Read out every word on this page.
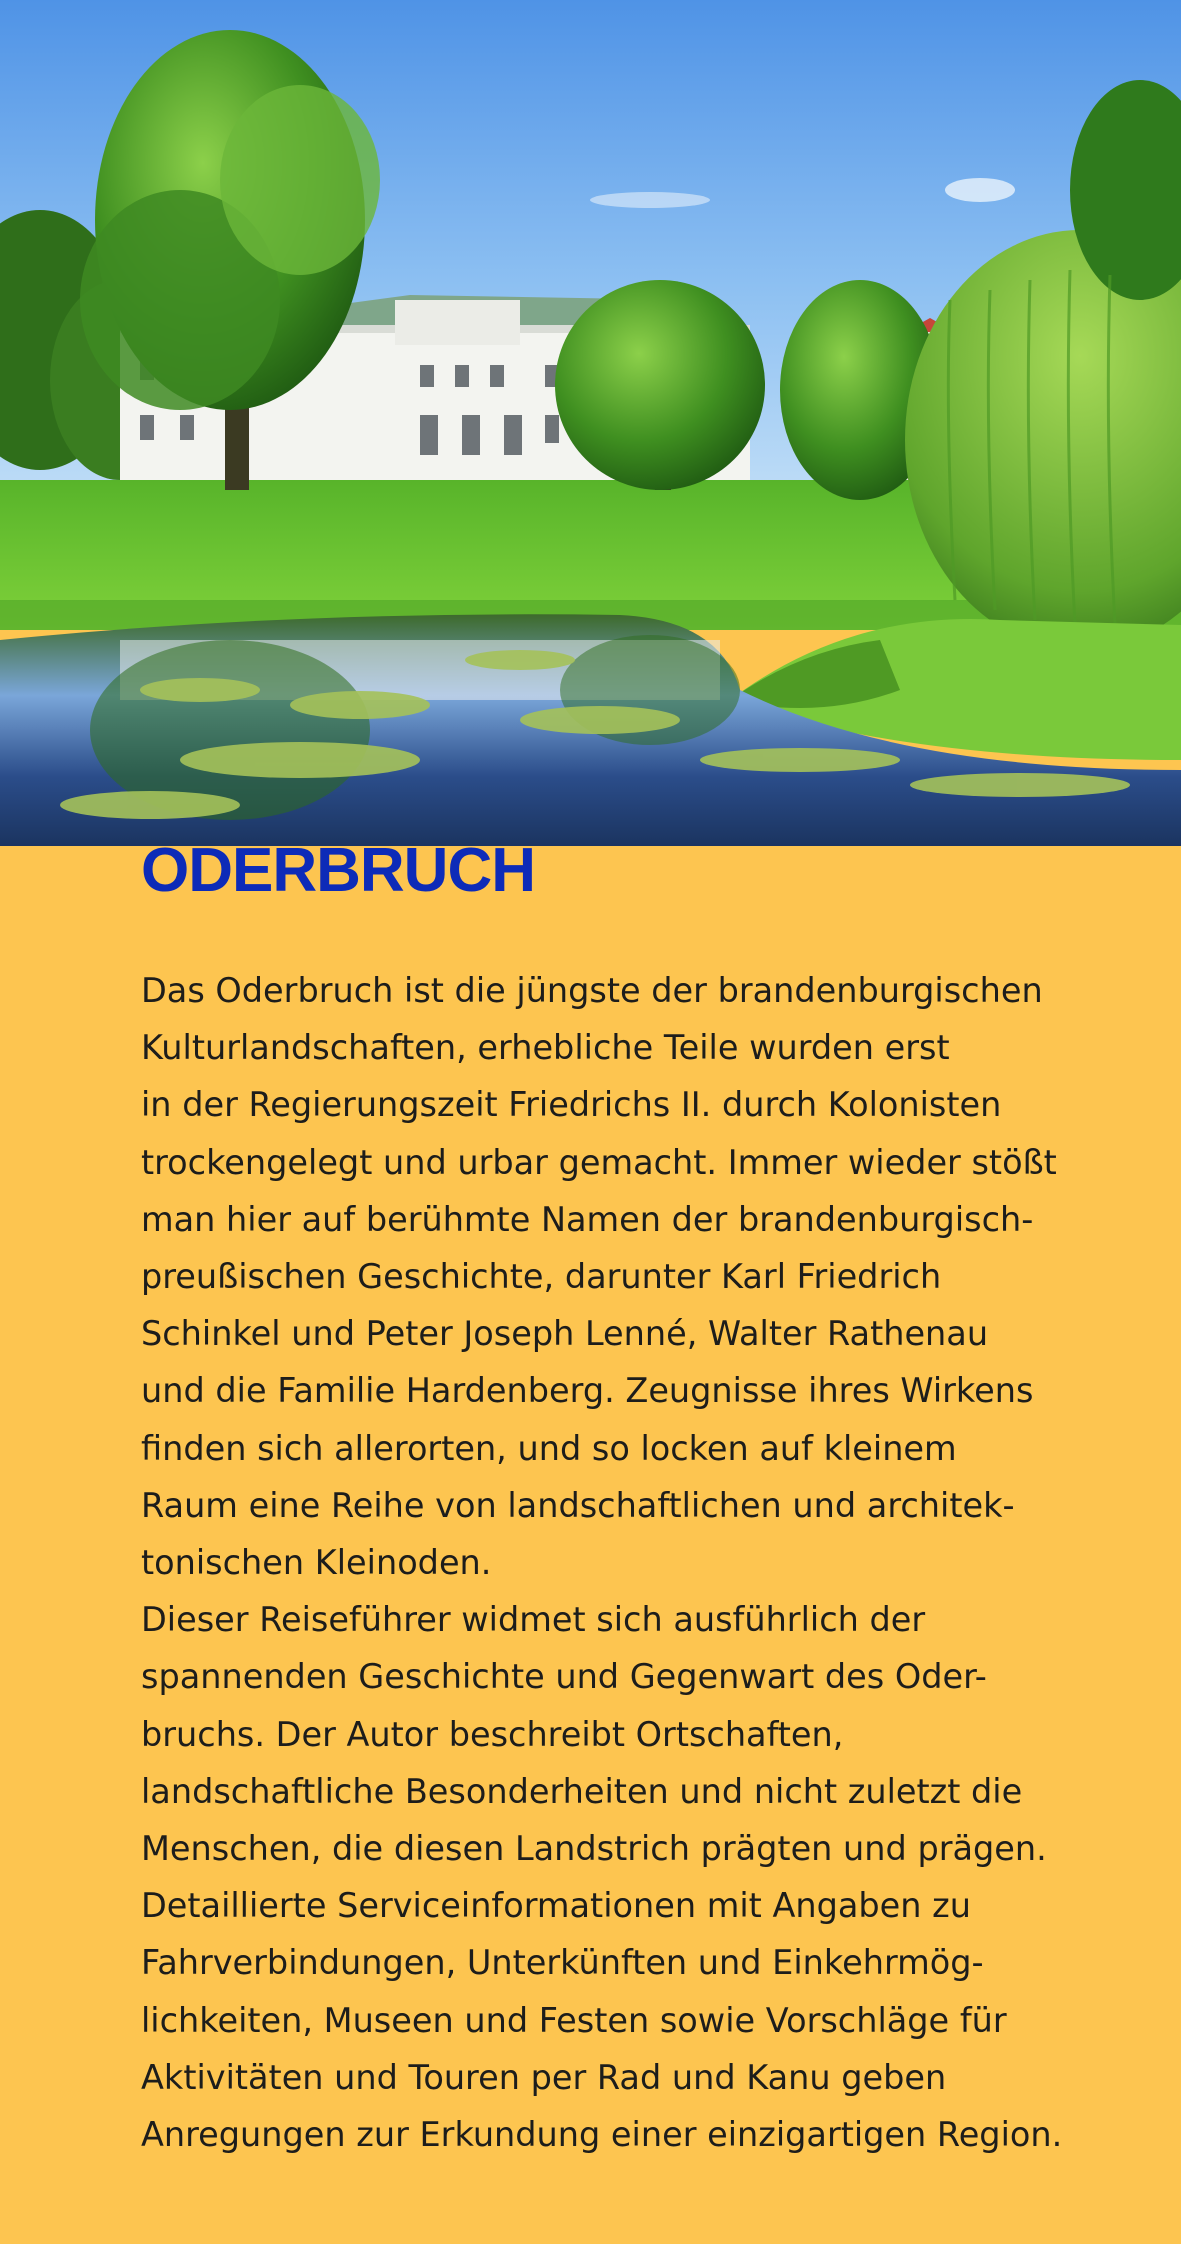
ODERBRUCH
Das Oderbruch ist die jüngste der brandenburgischen
Kulturlandschaften, erhebliche Teile wurden erst
in der Regierungszeit Friedrichs II. durch Kolonisten
trockengelegt und urbar gemacht. Immer wieder stößt
man hier auf berühmte Namen der brandenburgisch-
preußischen Geschichte, darunter Karl Friedrich
Schinkel und Peter Joseph Lenné, Walter Rathenau
und die Familie Hardenberg. Zeugnisse ihres Wirkens
finden sich allerorten, und so locken auf kleinem
Raum eine Reihe von landschaftlichen und architek-
tonischen Kleinoden.
Dieser Reiseführer widmet sich ausführlich der
spannenden Geschichte und Gegenwart des Oder-
bruchs. Der Autor beschreibt Ortschaften,
landschaftliche Besonderheiten und nicht zuletzt die
Menschen, die diesen Landstrich prägten und prägen.
Detaillierte Serviceinformationen mit Angaben zu
Fahrverbindungen, Unterkünften und Einkehrmög-
lichkeiten, Museen und Festen sowie Vorschläge für
Aktivitäten und Touren per Rad und Kanu geben
Anregungen zur Erkundung einer einzigartigen Region.
